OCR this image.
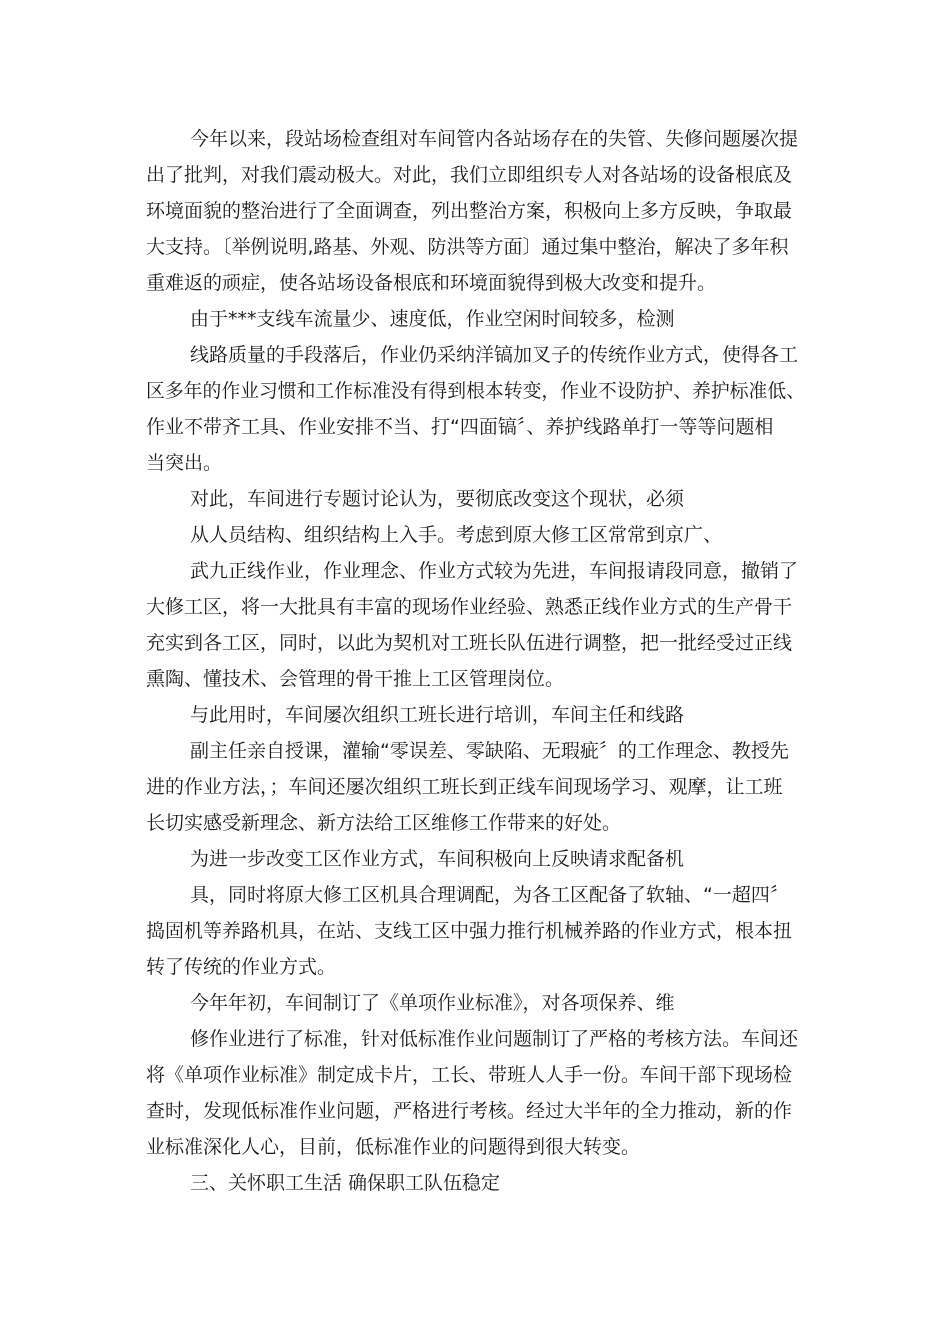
今年以来，段站场检查组对车间管内各站场存在的失管、失修问题屡次提
出了批判，对我们震动极大。对此，我们立即组织专人对各站场的设备根底及
环境面貌的整治进行了全面调查，列出整治方案，积极向上多方反映，争取最
大支持。〔举例说明,路基、外观、防洪等方面〕通过集中整治，解决了多年积
重难返的顽症，使各站场设备根底和环境面貌得到极大改变和提升。
由于***支线车流量少、速度低，作业空闲时间较多，检测
线路质量的手段落后，作业仍采纳洋镐加叉子的传统作业方式，使得各工
区多年的作业习惯和工作标准没有得到根本转变，作业不设防护、养护标准低、
作业不带齐工具、作业安排不当、打“四面镐〞、养护线路单打一等等问题相
当突出。
对此，车间进行专题讨论认为，要彻底改变这个现状，必须
从人员结构、组织结构上入手。考虑到原大修工区常常到京广、
武九正线作业，作业理念、作业方式较为先进，车间报请段同意，撤销了
大修工区，将一大批具有丰富的现场作业经验、熟悉正线作业方式的生产骨干
充实到各工区，同时，以此为契机对工班长队伍进行调整，把一批经受过正线
熏陶、懂技术、会管理的骨干推上工区管理岗位。
与此用时，车间屡次组织工班长进行培训，车间主任和线路
副主任亲自授课，灌输“零误差、零缺陷、无瑕疵〞的工作理念、教授先
进的作业方法，；车间还屡次组织工班长到正线车间现场学习、观摩，让工班
长切实感受新理念、新方法给工区维修工作带来的好处。
为进一步改变工区作业方式，车间积极向上反映请求配备机
具，同时将原大修工区机具合理调配，为各工区配备了软轴、“一超四〞
捣固机等养路机具，在站、支线工区中强力推行机械养路的作业方式，根本扭
转了传统的作业方式。
今年年初，车间制订了《单项作业标准》，对各项保养、维
修作业进行了标准，针对低标准作业问题制订了严格的考核方法。车间还
将《单项作业标准》制定成卡片，工长、带班人人手一份。车间干部下现场检
查时，发现低标准作业问题，严格进行考核。经过大半年的全力推动，新的作
业标准深化人心，目前，低标准作业的问题得到很大转变。
三、关怀职工生活 确保职工队伍稳定
